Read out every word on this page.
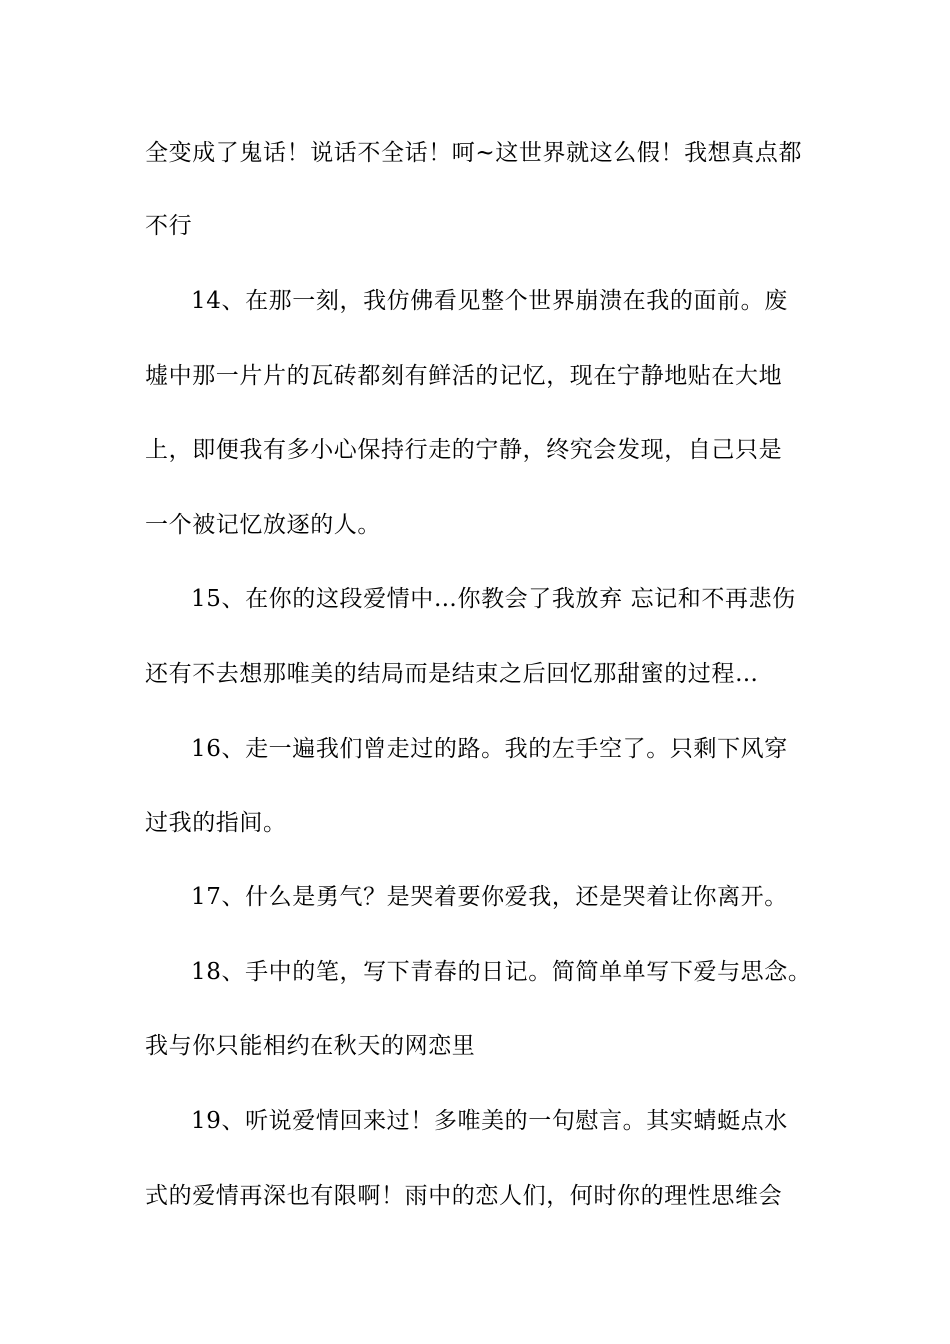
全变成了鬼话！说话不全话！呵~这世界就这么假！我想真点都
不行
14、在那一刻，我仿佛看见整个世界崩溃在我的面前。废
墟中那一片片的瓦砖都刻有鲜活的记忆，现在宁静地贴在大地
上，即便我有多小心保持行走的宁静，终究会发现，自己只是
一个被记忆放逐的人。
15、在你的这段爱情中…你教会了我放弃 忘记和不再悲伤
还有不去想那唯美的结局而是结束之后回忆那甜蜜的过程…
16、走一遍我们曾走过的路。我的左手空了。只剩下风穿
过我的指间。
17、什么是勇气？是哭着要你爱我，还是哭着让你离开。
18、手中的笔，写下青春的日记。简简单单写下爱与思念。
我与你只能相约在秋天的网恋里
19、听说爱情回来过！多唯美的一句慰言。其实蜻蜓点水
式的爱情再深也有限啊！雨中的恋人们，何时你的理性思维会
